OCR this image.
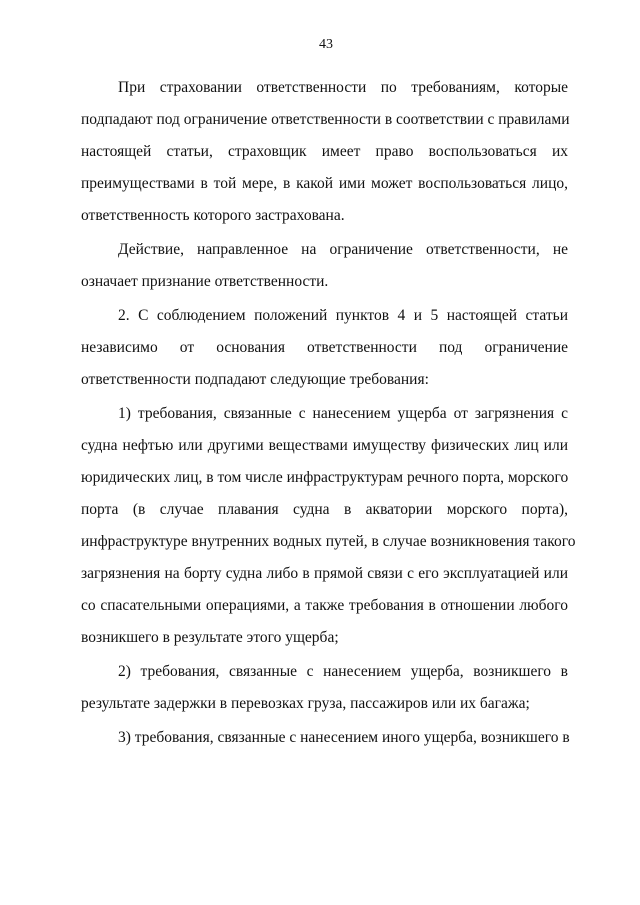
43

При страховании ответственности по требованиям, которые
подпадают под ограничение ответственности в соответствии с правилами
настоящей статьи, страховщик имеет право воспользоваться их
преимуществами в той мере, в какой ими может воспользоваться лицо,
ответственность которого застрахована.

Действие, направленное на ограничение ответственности, не
означает признание ответственности.

2. С соблюдением положений пунктов 4 и 5 настоящей статьи
независимо от основания ответственности под ограничение
ответственности подпадают следующие требования:

1) требования, связанные с нанесением ущерба от загрязнения с
судна нефтью или другими веществами имуществу физических лиц или
юридических лиц, в том числе инфраструктурам речного порта, морского
порта (в случае плавания судна в акватории морского порта),
инфраструктуре внутренних водных путей, в случае возникновения такого
загрязнения на борту судна либо в прямой связи с его эксплуатацией или
со спасательными операциями, а также требования в отношении любого
возникшего в результате этого ущерба;

2) требования, связанные с нанесением ущерба, возникшего в
результате задержки в перевозках груза, пассажиров или их багажа;

3) требования, связанные с нанесением иного ущерба, возникшего в
